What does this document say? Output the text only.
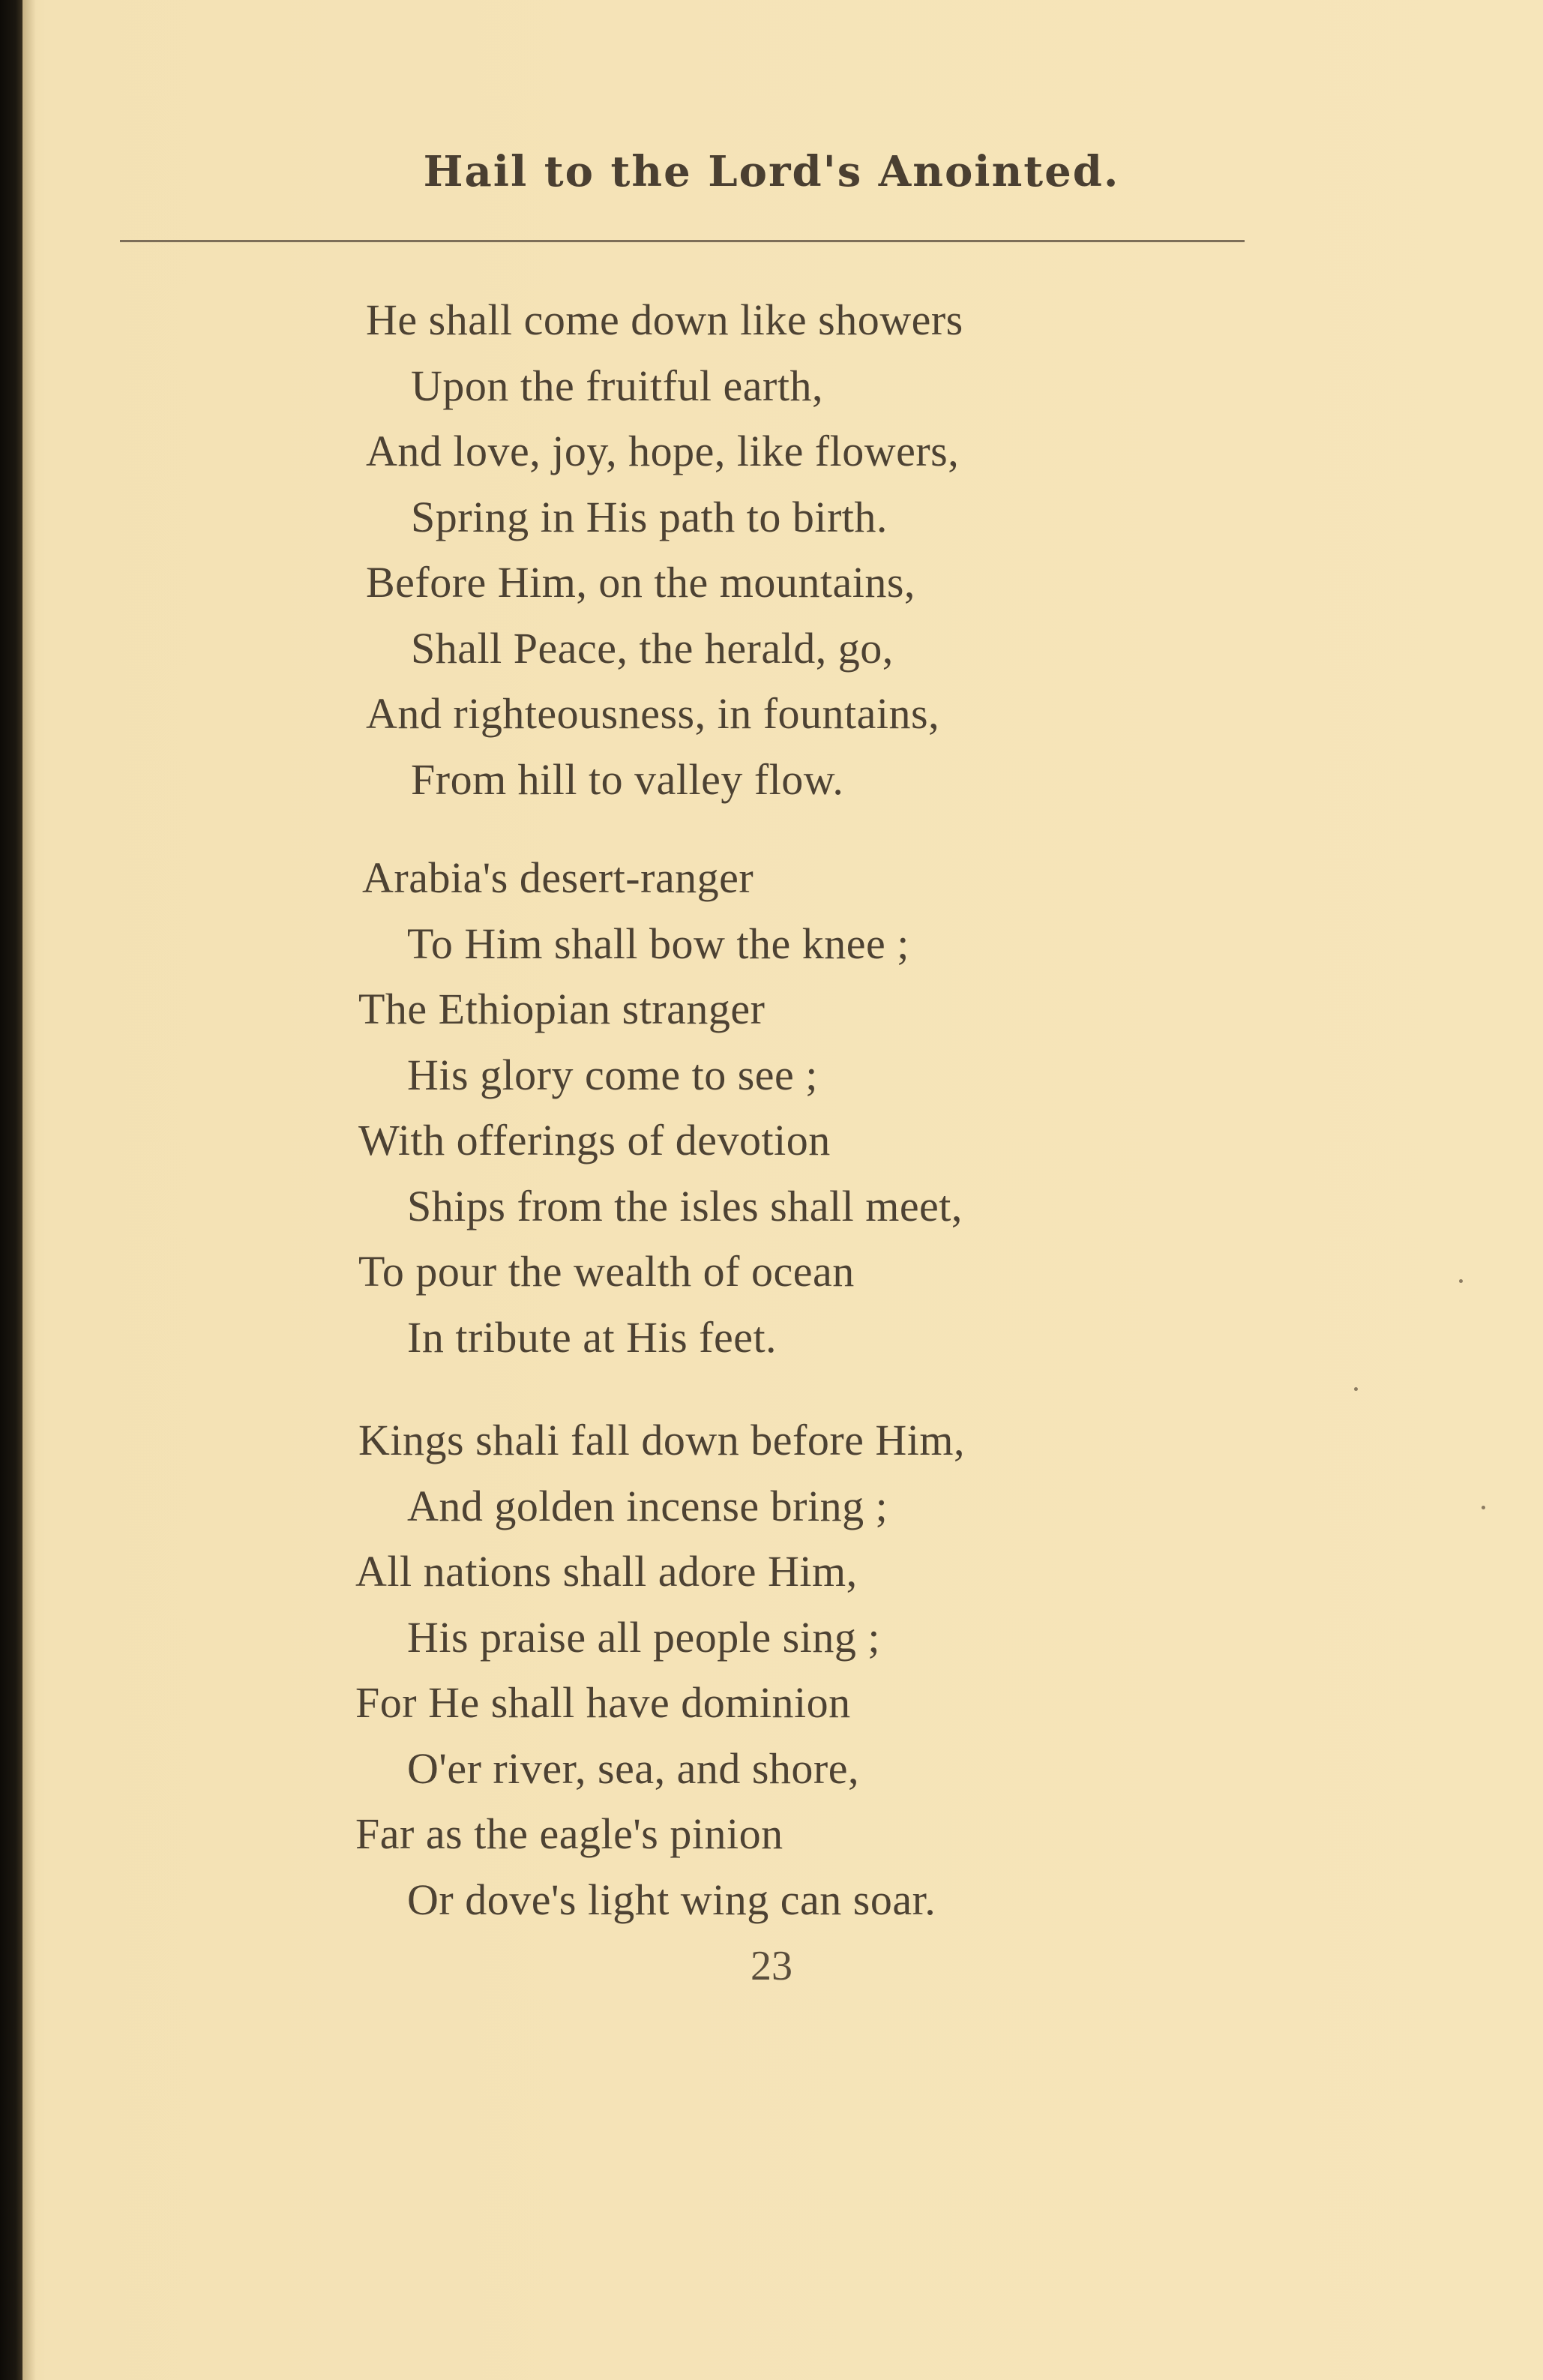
Hail to the Lord's Anointed.
He shall come down like showers
Upon the fruitful earth,
And love, joy, hope, like flowers,
Spring in His path to birth.
Before Him, on the mountains,
Shall Peace, the herald, go,
And righteousness, in fountains,
From hill to valley flow.
Arabia's desert-ranger
To Him shall bow the knee ;
The Ethiopian stranger
His glory come to see ;
With offerings of devotion
Ships from the isles shall meet,
To pour the wealth of ocean
In tribute at His feet.
Kings shali fall down before Him,
And golden incense bring ;
All nations shall adore Him,
His praise all people sing ;
For He shall have dominion
O'er river, sea, and shore,
Far as the eagle's pinion
Or dove's light wing can soar.
23
